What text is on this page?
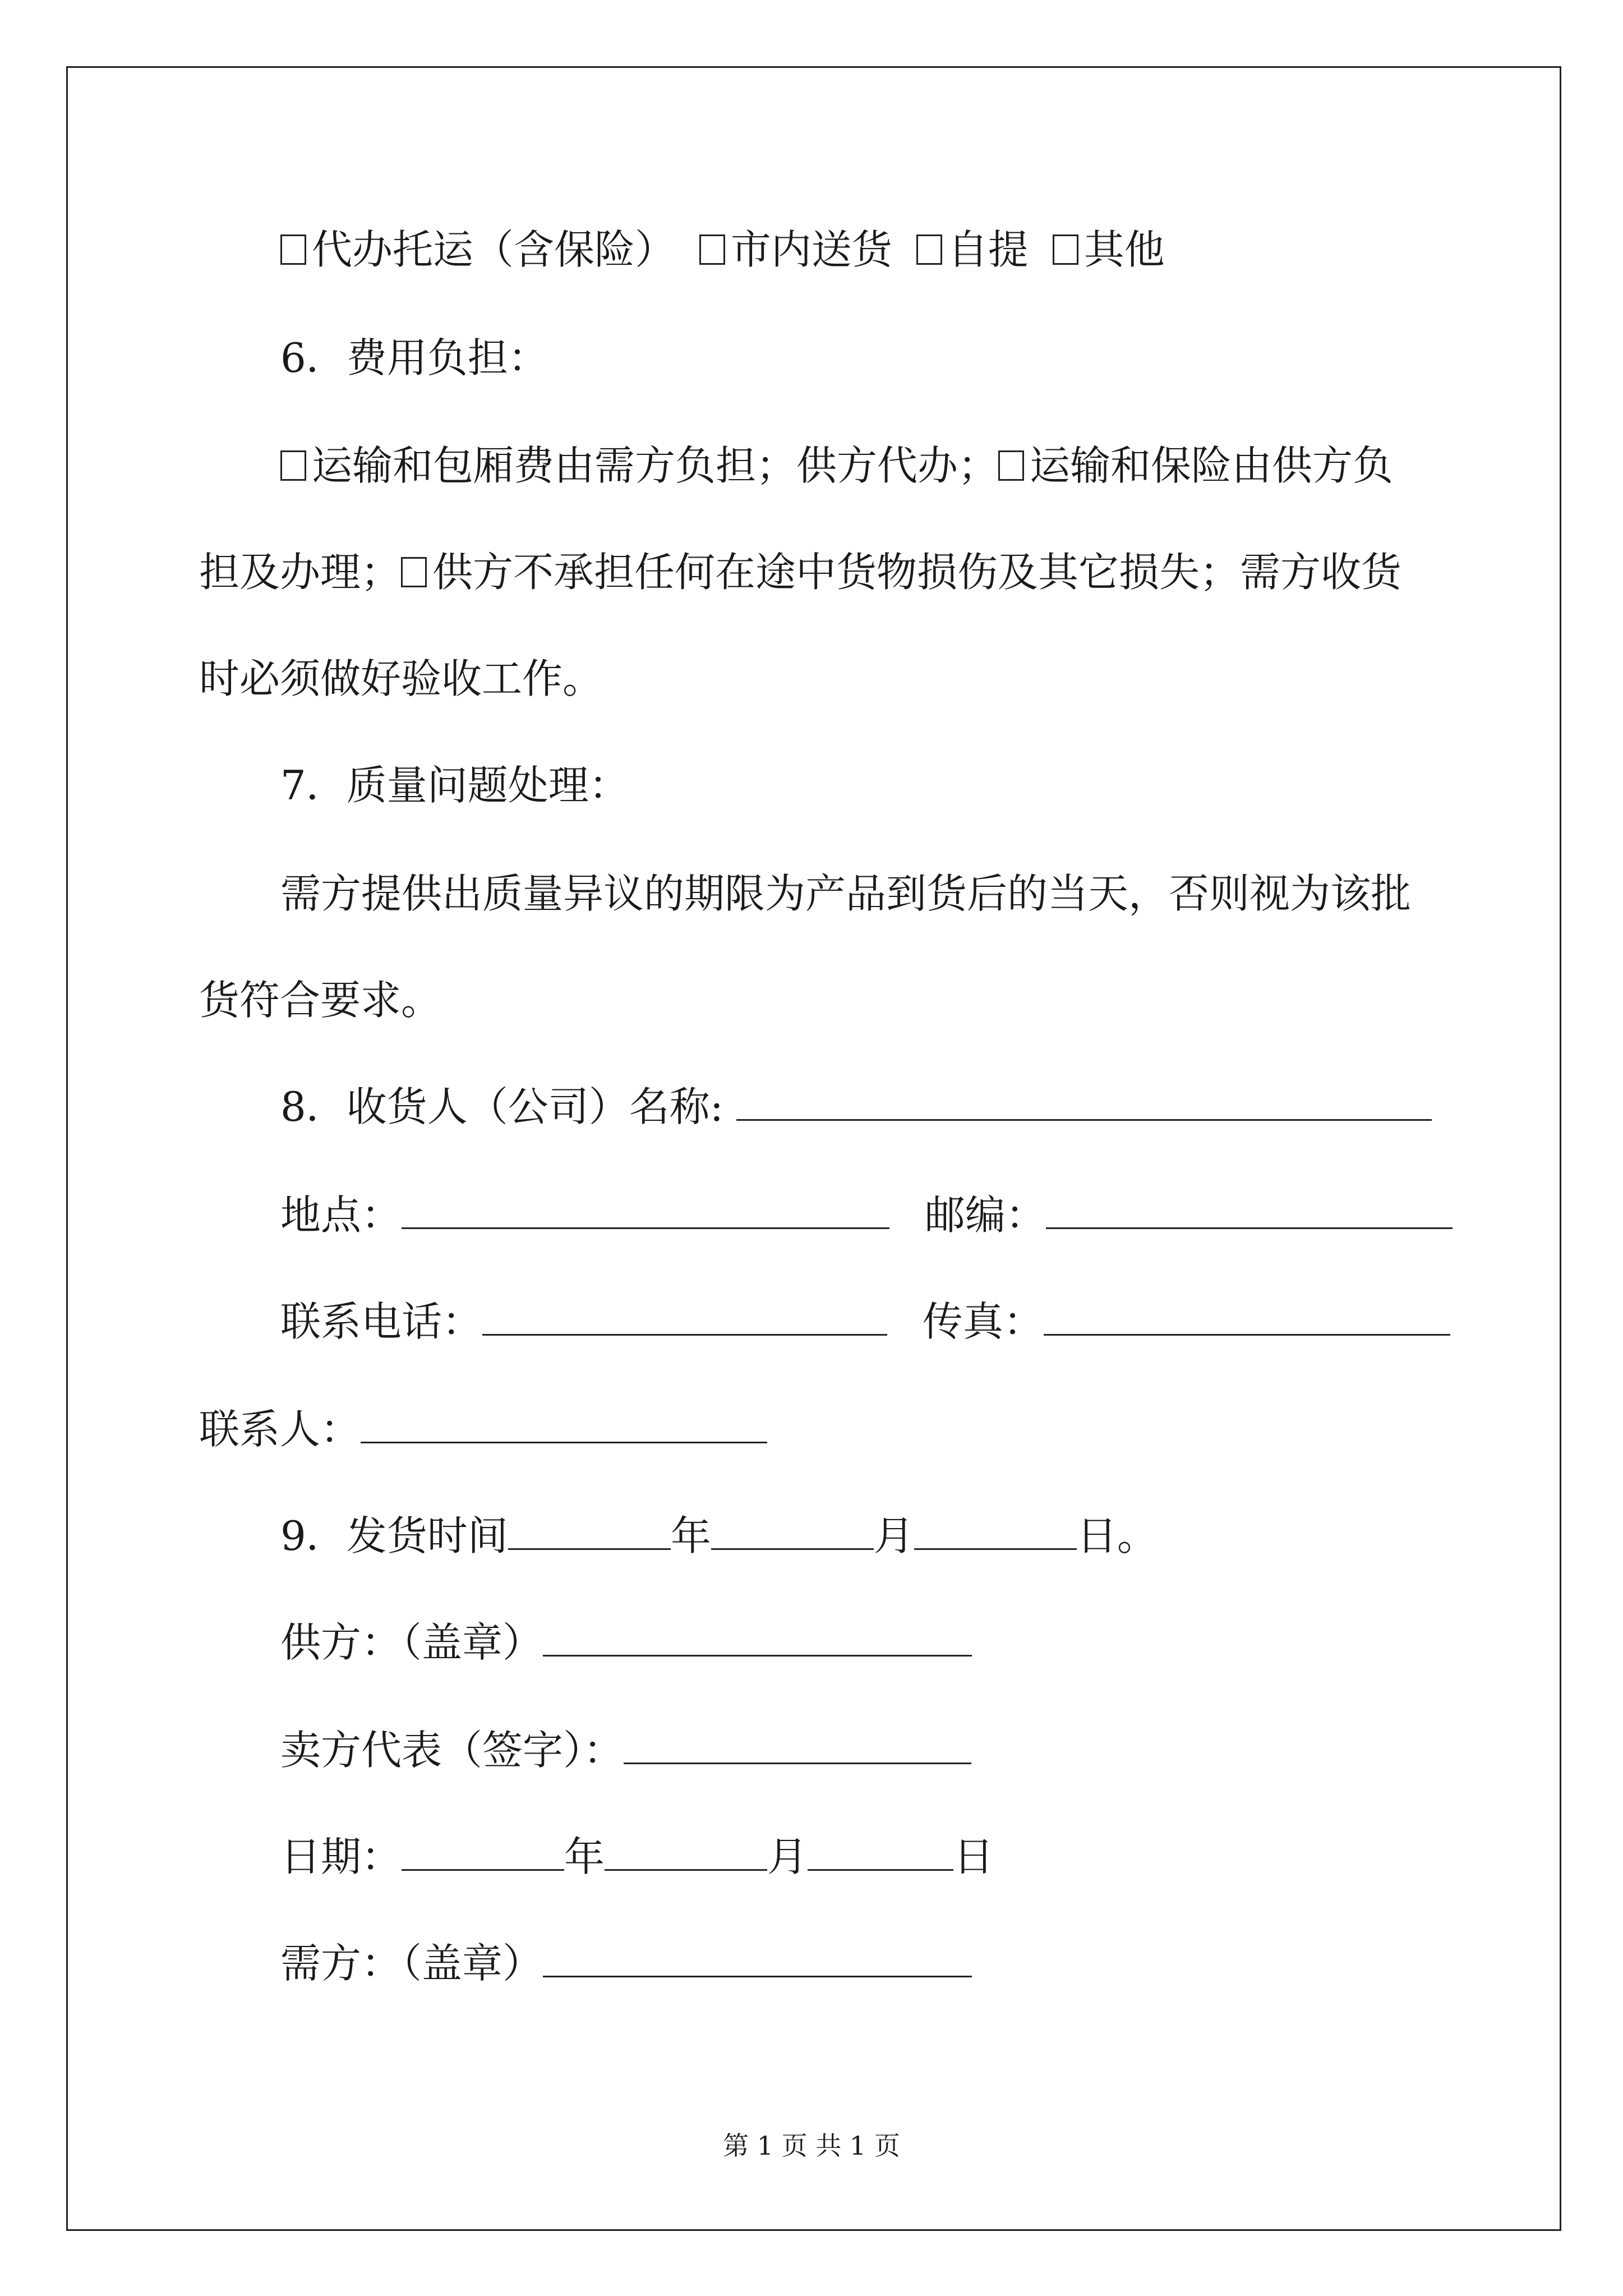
代办托运（含保险） 市内送货 自提 其他
6．费用负担：
运输和包厢费由需方负担；供方代办； 运输和保险由供方负
担及办理； 供方不承担任何在途中货物损伤及其它损失；需方收货
时必须做好验收工作。
7．质量问题处理：
需方提供出质量异议的期限为产品到货后的当天，否则视为该批
货符合要求。
8．收货人（公司）名称:
地点：	邮编：
联系电话：	传真：
联系人：
9．发货时间	年	月	日。
供方：（盖章）
卖方代表（签字）：
日期：	年	月	日
需方：（盖章）
第 1 页 共 1 页
